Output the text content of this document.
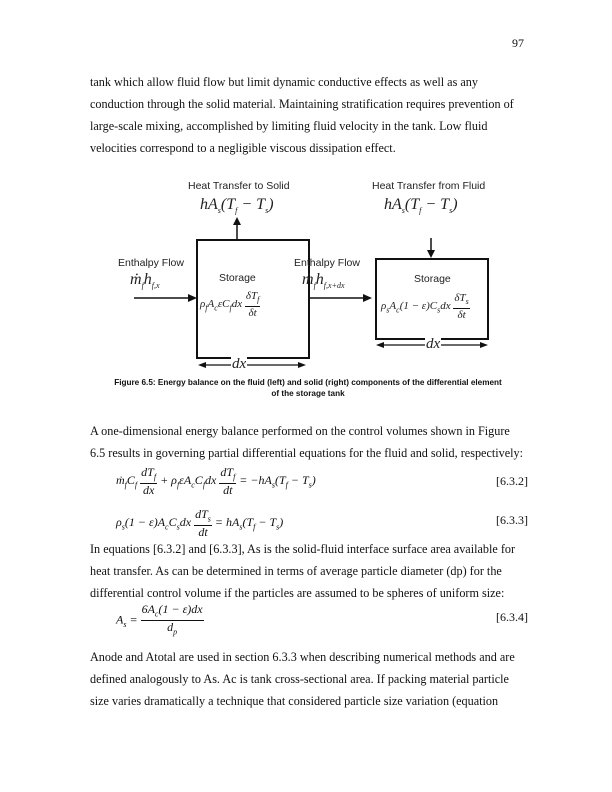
97
tank which allow fluid flow but limit dynamic conductive effects as well as any
conduction through the solid material. Maintaining stratification requires prevention of
large-scale mixing, accomplished by limiting fluid velocity in the tank. Low fluid
velocities correspond to a negligible viscous dissipation effect.
Heat Transfer to Solid
$hA_s(T_f - T_s)$
Heat Transfer from Fluid
$hA_s(T_f - T_s)$
Enthalpy Flow
$ṁ_fh_{f,x}$
Enthalpy Flow
$ṁ_fh_{f,x+dx}$
Storage
$\rho_fA_c\varepsilon C_fdx \frac{\delta T_f}{\delta t}$
Storage
$\rho_sA_c(1 - \varepsilon)C_sdx \frac{\delta T_s}{\delta t}$
dx
dx
Figure 6.5: Energy balance on the fluid (left) and solid (right) components of the differential element
of the storage tank
A one-dimensional energy balance performed on the control volumes shown in Figure
6.5 results in governing partial differential equations for the fluid and solid, respectively:
$ṁ_fC_f \frac{dT_f}{dx} + \rho_f\varepsilon A_cC_fdx \frac{dT_f}{dt} = -hA_s(T_f - T_s)$	[6.3.2]
$\rho_s(1 - \varepsilon)A_cC_sdx \frac{dT_s}{dt} = hA_s(T_f - T_s)$	[6.3.3]
In equations [6.3.2] and [6.3.3], As is the solid-fluid interface surface area available for
heat transfer. As can be determined in terms of average particle diameter (dp) for the
differential control volume if the particles are assumed to be spheres of uniform size:
$A_s = \frac{6A_c(1 - \varepsilon)dx}{d_p}$	[6.3.4]
Anode and Atotal are used in section 6.3.3 when describing numerical methods and are
defined analogously to As. Ac is tank cross-sectional area. If packing material particle
size varies dramatically a technique that considered particle size variation (equation
